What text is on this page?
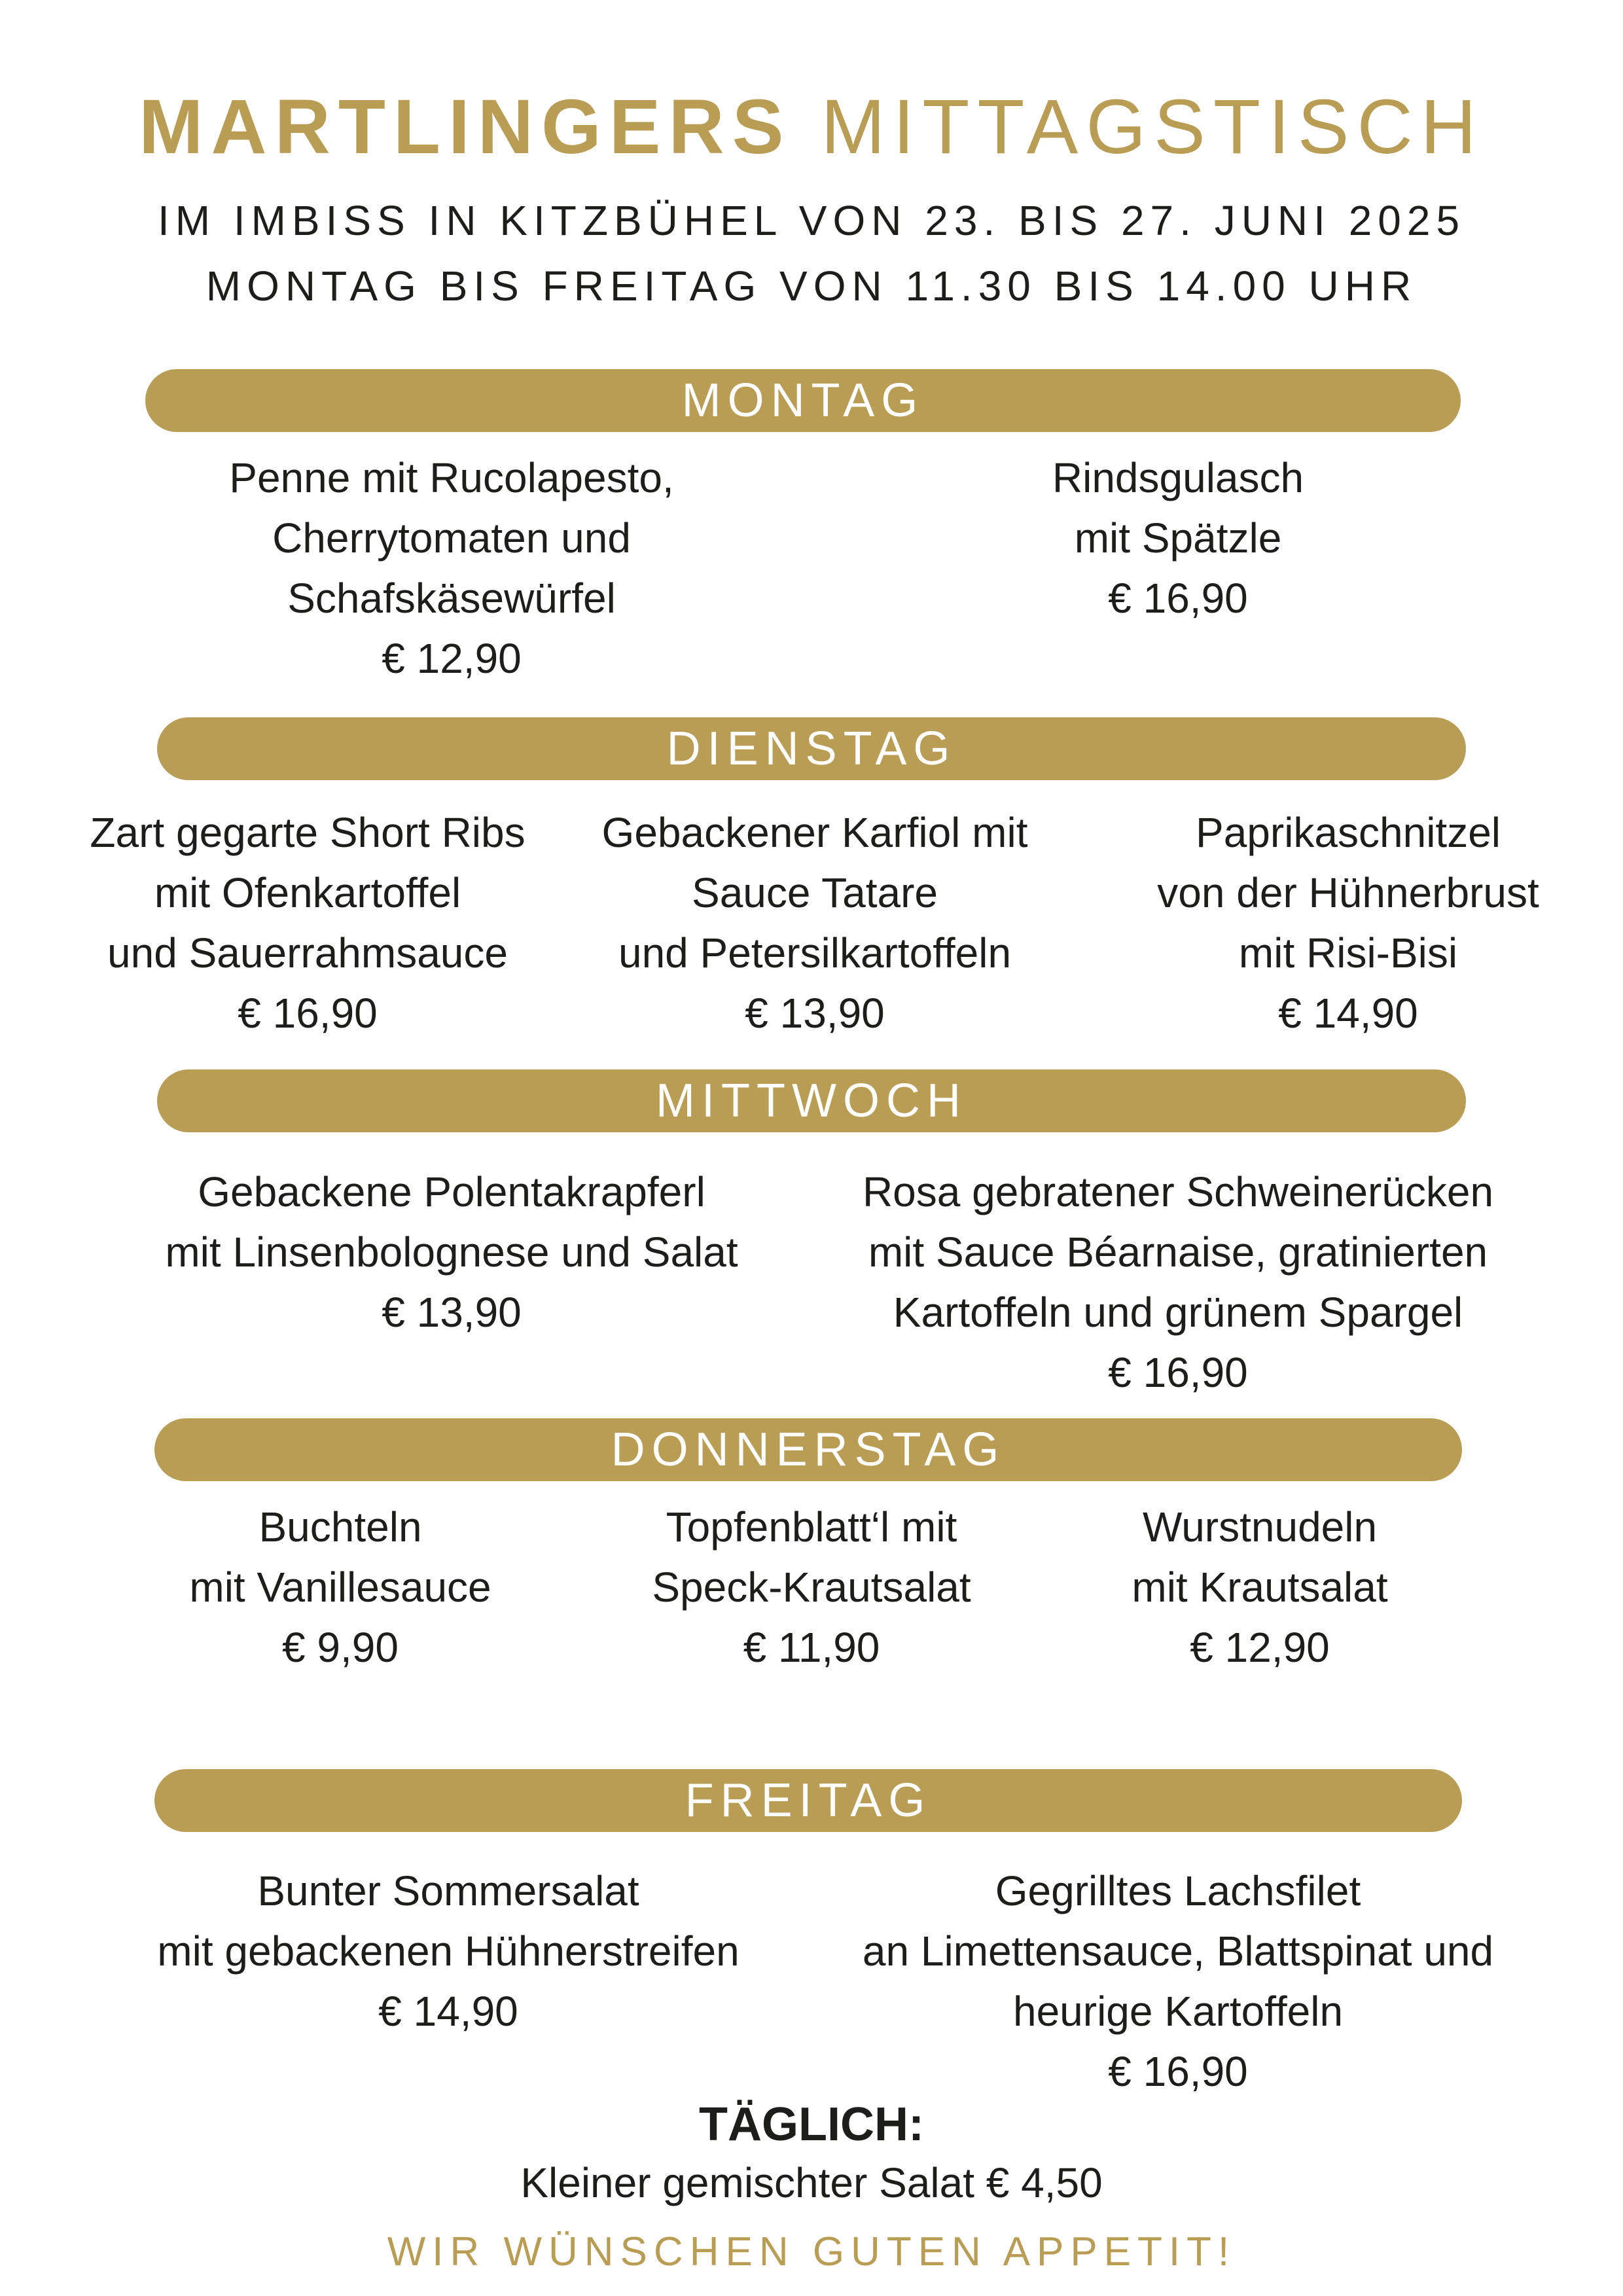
MARTLINGERS MITTAGSTISCH
IM IMBISS IN KITZBÜHEL VON 23. BIS 27. JUNI 2025
MONTAG BIS FREITAG VON 11.30 BIS 14.00 UHR
MONTAG
Penne mit Rucolapesto,
Cherrytomaten und
Schafskäsewürfel
€ 12,90
Rindsgulasch
mit Spätzle
€ 16,90
DIENSTAG
Zart gegarte Short Ribs
mit Ofenkartoffel
und Sauerrahmsauce
€ 16,90
Gebackener Karfiol mit
Sauce Tatare
und Petersilkartoffeln
€ 13,90
Paprikaschnitzel
von der Hühnerbrust
mit Risi-Bisi
€ 14,90
MITTWOCH
Gebackene Polentakrapferl
mit Linsenbolognese und Salat
€ 13,90
Rosa gebratener Schweinerücken
mit Sauce Béarnaise, gratinierten
Kartoffeln und grünem Spargel
€ 16,90
DONNERSTAG
Buchteln
mit Vanillesauce
€ 9,90
Topfenblatt‘l mit
Speck-Krautsalat
€ 11,90
Wurstnudeln
mit Krautsalat
€ 12,90
FREITAG
Bunter Sommersalat
mit gebackenen Hühnerstreifen
€ 14,90
Gegrilltes Lachsfilet
an Limettensauce, Blattspinat und
heurige Kartoffeln
€ 16,90
TÄGLICH:
Kleiner gemischter Salat € 4,50
WIR WÜNSCHEN GUTEN APPETIT!
